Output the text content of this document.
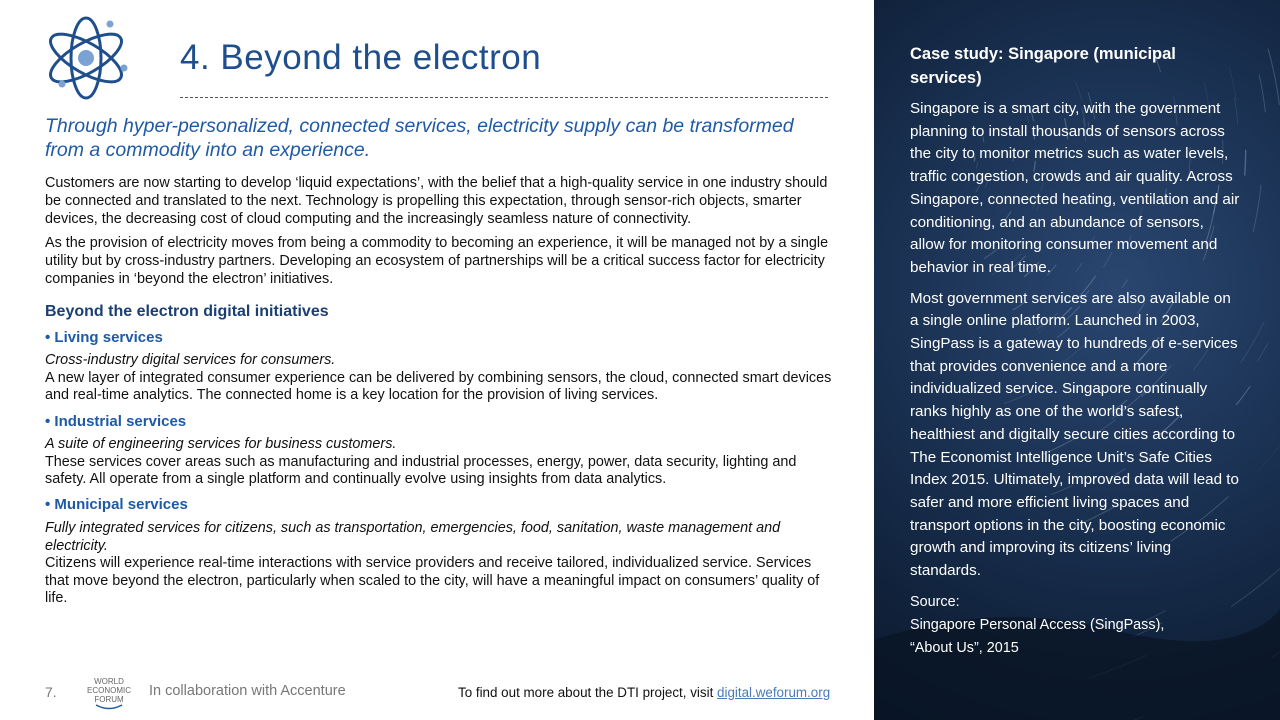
4. Beyond the electron

Through hyper-personalized, connected services, electricity supply can be transformed from a commodity into an experience.

Customers are now starting to develop ‘liquid expectations’, with the belief that a high-quality service in one industry should be connected and translated to the next. Technology is propelling this expectation, through sensor-rich objects, smarter devices, the decreasing cost of cloud computing and the increasingly seamless nature of connectivity.

As the provision of electricity moves from being a commodity to becoming an experience, it will be managed not by a single utility but by cross-industry partners. Developing an ecosystem of partnerships will be a critical success factor for electricity companies in ‘beyond the electron’ initiatives.

Beyond the electron digital initiatives
• Living services
Cross-industry digital services for consumers.
A new layer of integrated consumer experience can be delivered by combining sensors, the cloud, connected smart devices and real-time analytics. The connected home is a key location for the provision of living services.
• Industrial services
A suite of engineering services for business customers.
These services cover areas such as manufacturing and industrial processes, energy, power, data security, lighting and safety. All operate from a single platform and continually evolve using insights from data analytics.
• Municipal services
Fully integrated services for citizens, such as transportation, emergencies, food, sanitation, waste management and electricity.
Citizens will experience real-time interactions with service providers and receive tailored, individualized service. Services that move beyond the electron, particularly when scaled to the city, will have a meaningful impact on consumers’ quality of life.
7.
WORLD
ECONOMIC
FORUM
In collaboration with Accenture	To find out more about the DTI project, visit digital.weforum.org
Case study: Singapore (municipal services)

Singapore is a smart city, with the government planning to install thousands of sensors across the city to monitor metrics such as water levels, traffic congestion, crowds and air quality. Across Singapore, connected heating, ventilation and air conditioning, and an abundance of sensors, allow for monitoring consumer movement and behavior in real time.

Most government services are also available on a single online platform. Launched in 2003, SingPass is a gateway to hundreds of e-services that provides convenience and a more individualized service. Singapore continually ranks highly as one of the world’s safest, healthiest and digitally secure cities according to The Economist Intelligence Unit’s Safe Cities Index 2015. Ultimately, improved data will lead to safer and more efficient living spaces and transport options in the city, boosting economic growth and improving its citizens’ living standards.

Source:

Singapore Personal Access (SingPass),

“About Us”, 2015
